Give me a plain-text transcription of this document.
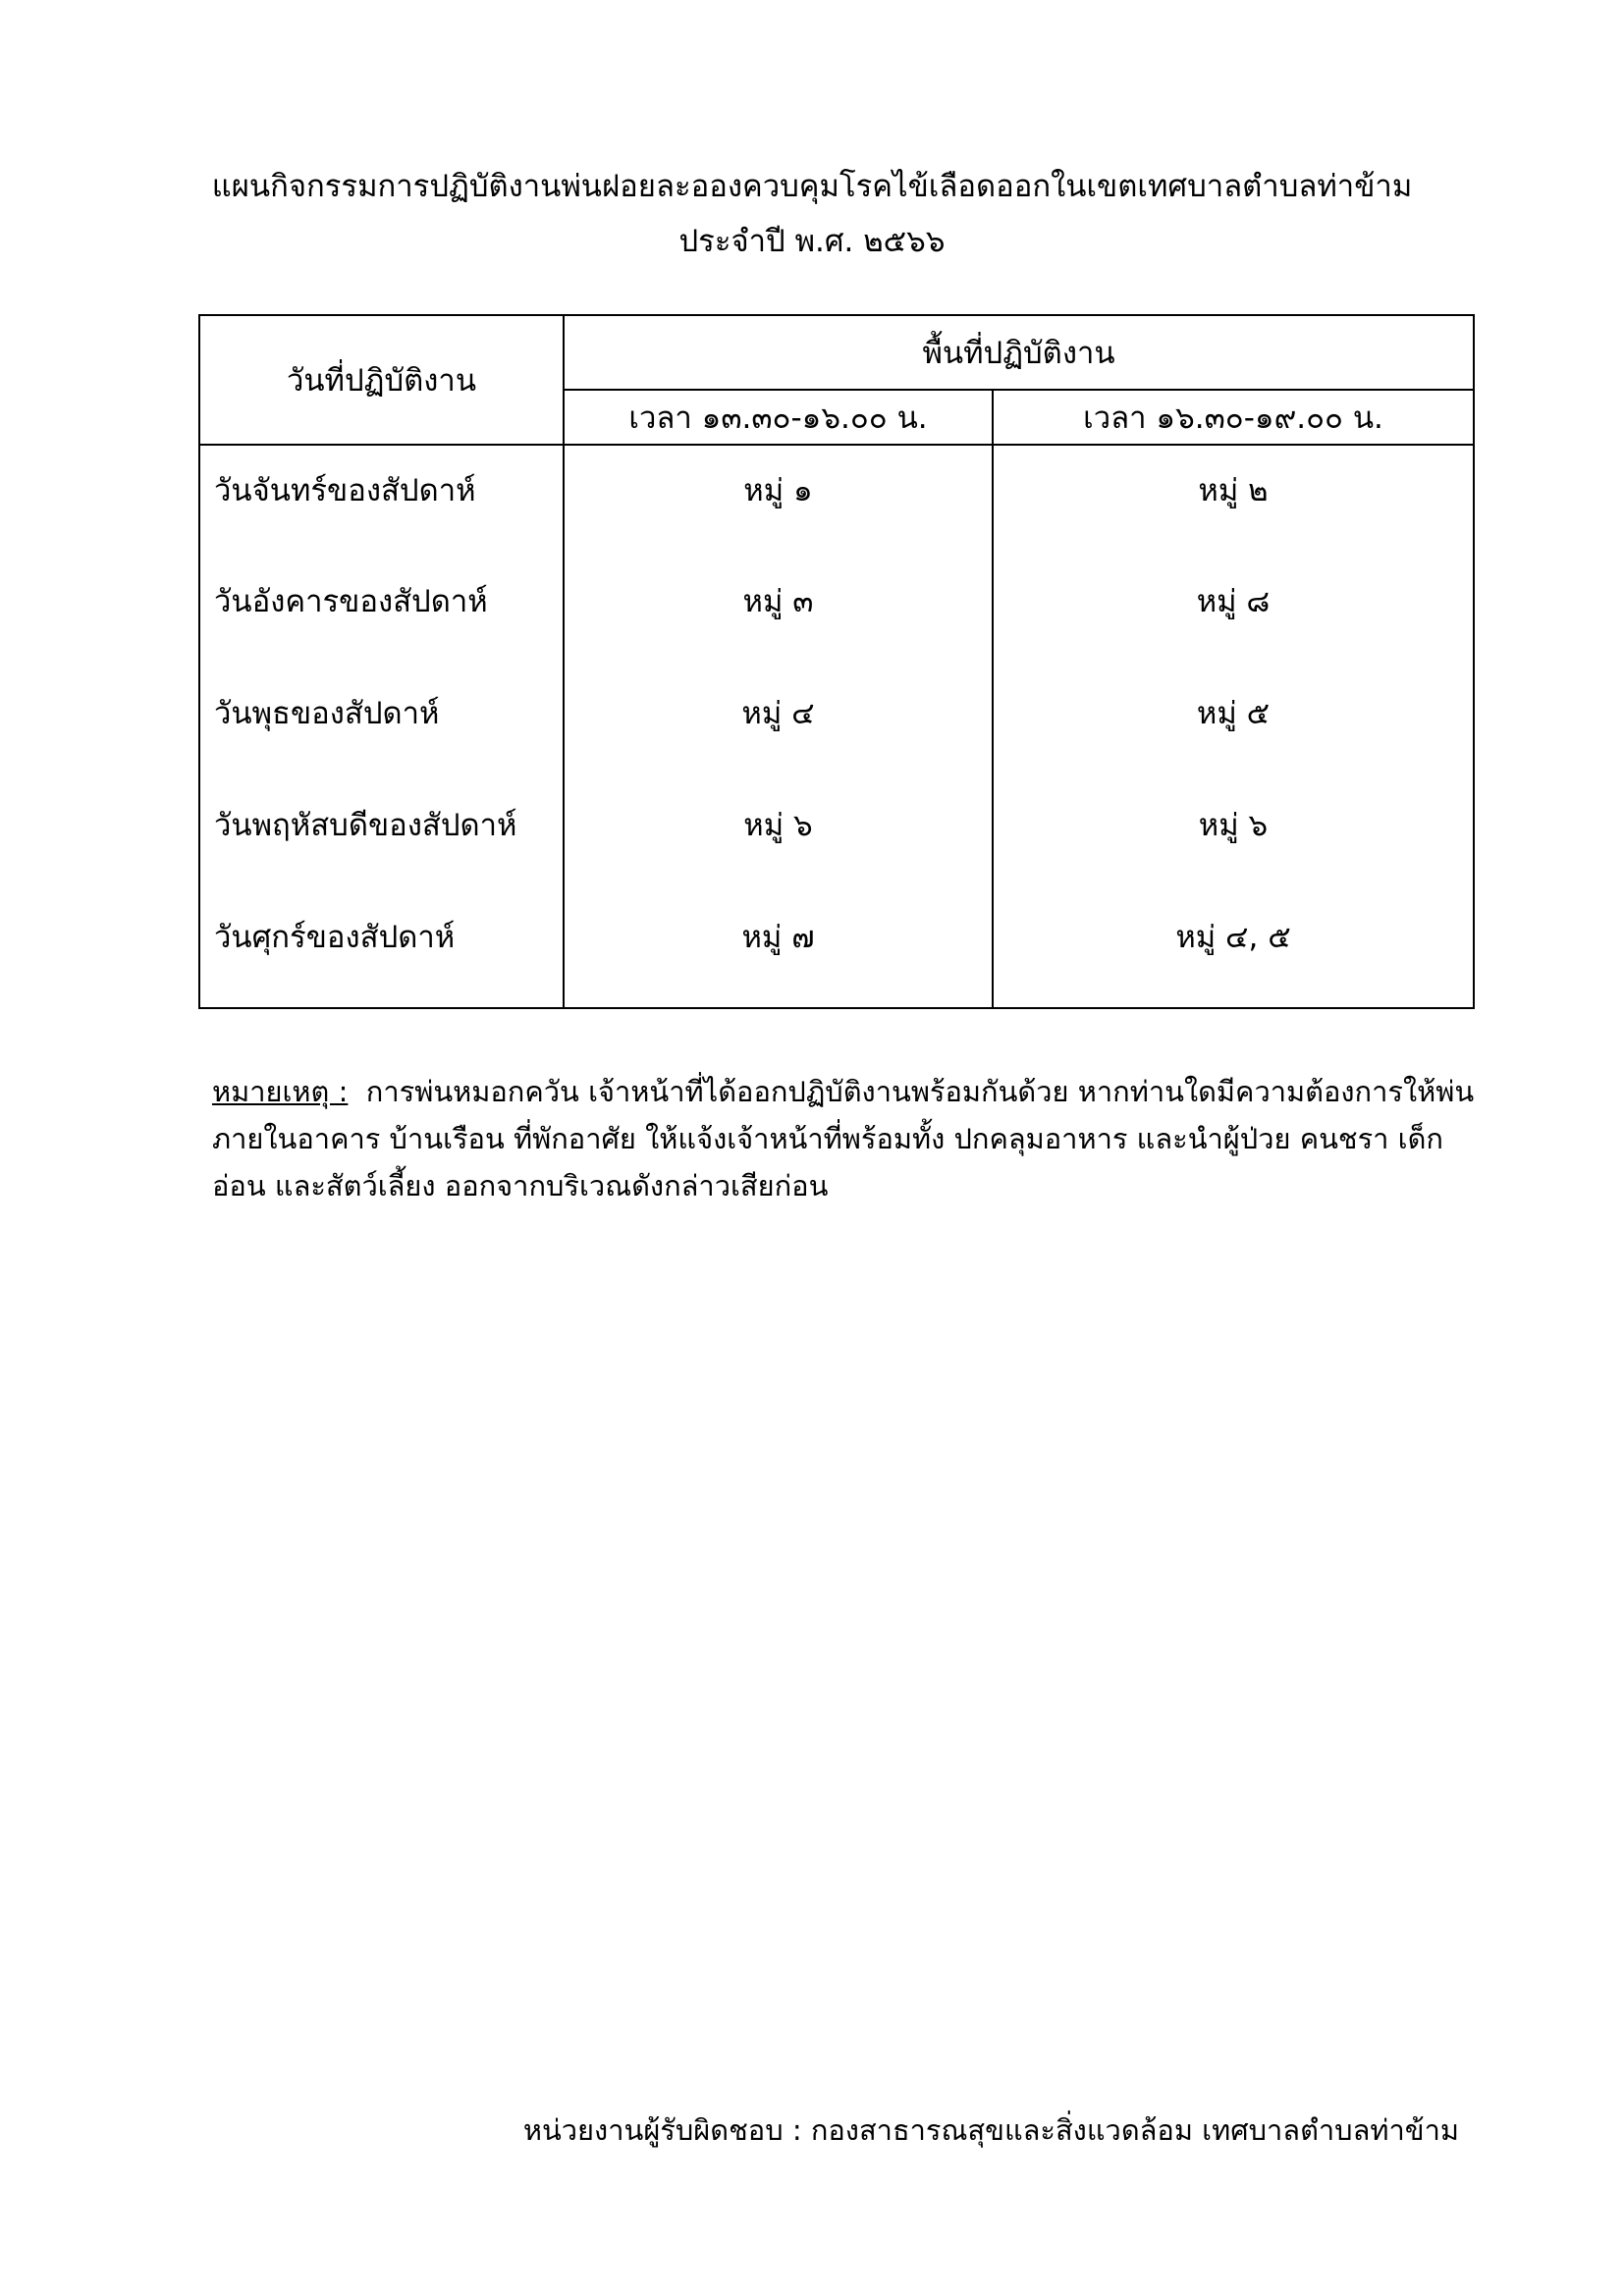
แผนกิจกรรมการปฏิบัติงานพ่นฝอยละอองควบคุมโรคไข้เลือดออกในเขตเทศบาลตำบลท่าข้าม
ประจำปี พ.ศ. ๒๕๖๖
วันที่ปฏิบัติงาน	พื้นที่ปฏิบัติงาน	
	เวลา ๑๓.๓๐-๑๖.๐๐ น.	เวลา ๑๖.๓๐-๑๙.๐๐ น.
วันจันทร์ของสัปดาห์	หมู่ ๑	หมู่ ๒
วันอังคารของสัปดาห์	หมู่ ๓	หมู่ ๘
วันพุธของสัปดาห์	หมู่ ๔	หมู่ ๕
วันพฤหัสบดีของสัปดาห์	หมู่ ๖	หมู่ ๖
วันศุกร์ของสัปดาห์	หมู่ ๗	หมู่ ๔, ๕
หมายเหตุ : การพ่นหมอกควัน เจ้าหน้าที่ได้ออกปฏิบัติงานพร้อมกันด้วย หากท่านใดมีความต้องการให้พ่นภายในอาคาร บ้านเรือน ที่พักอาศัย ให้แจ้งเจ้าหน้าที่พร้อมทั้ง ปกคลุมอาหาร และนำผู้ป่วย คนชรา เด็กอ่อน และสัตว์เลี้ยง ออกจากบริเวณดังกล่าวเสียก่อน
หน่วยงานผู้รับผิดชอบ : กองสาธารณสุขและสิ่งแวดล้อม เทศบาลตำบลท่าข้าม
